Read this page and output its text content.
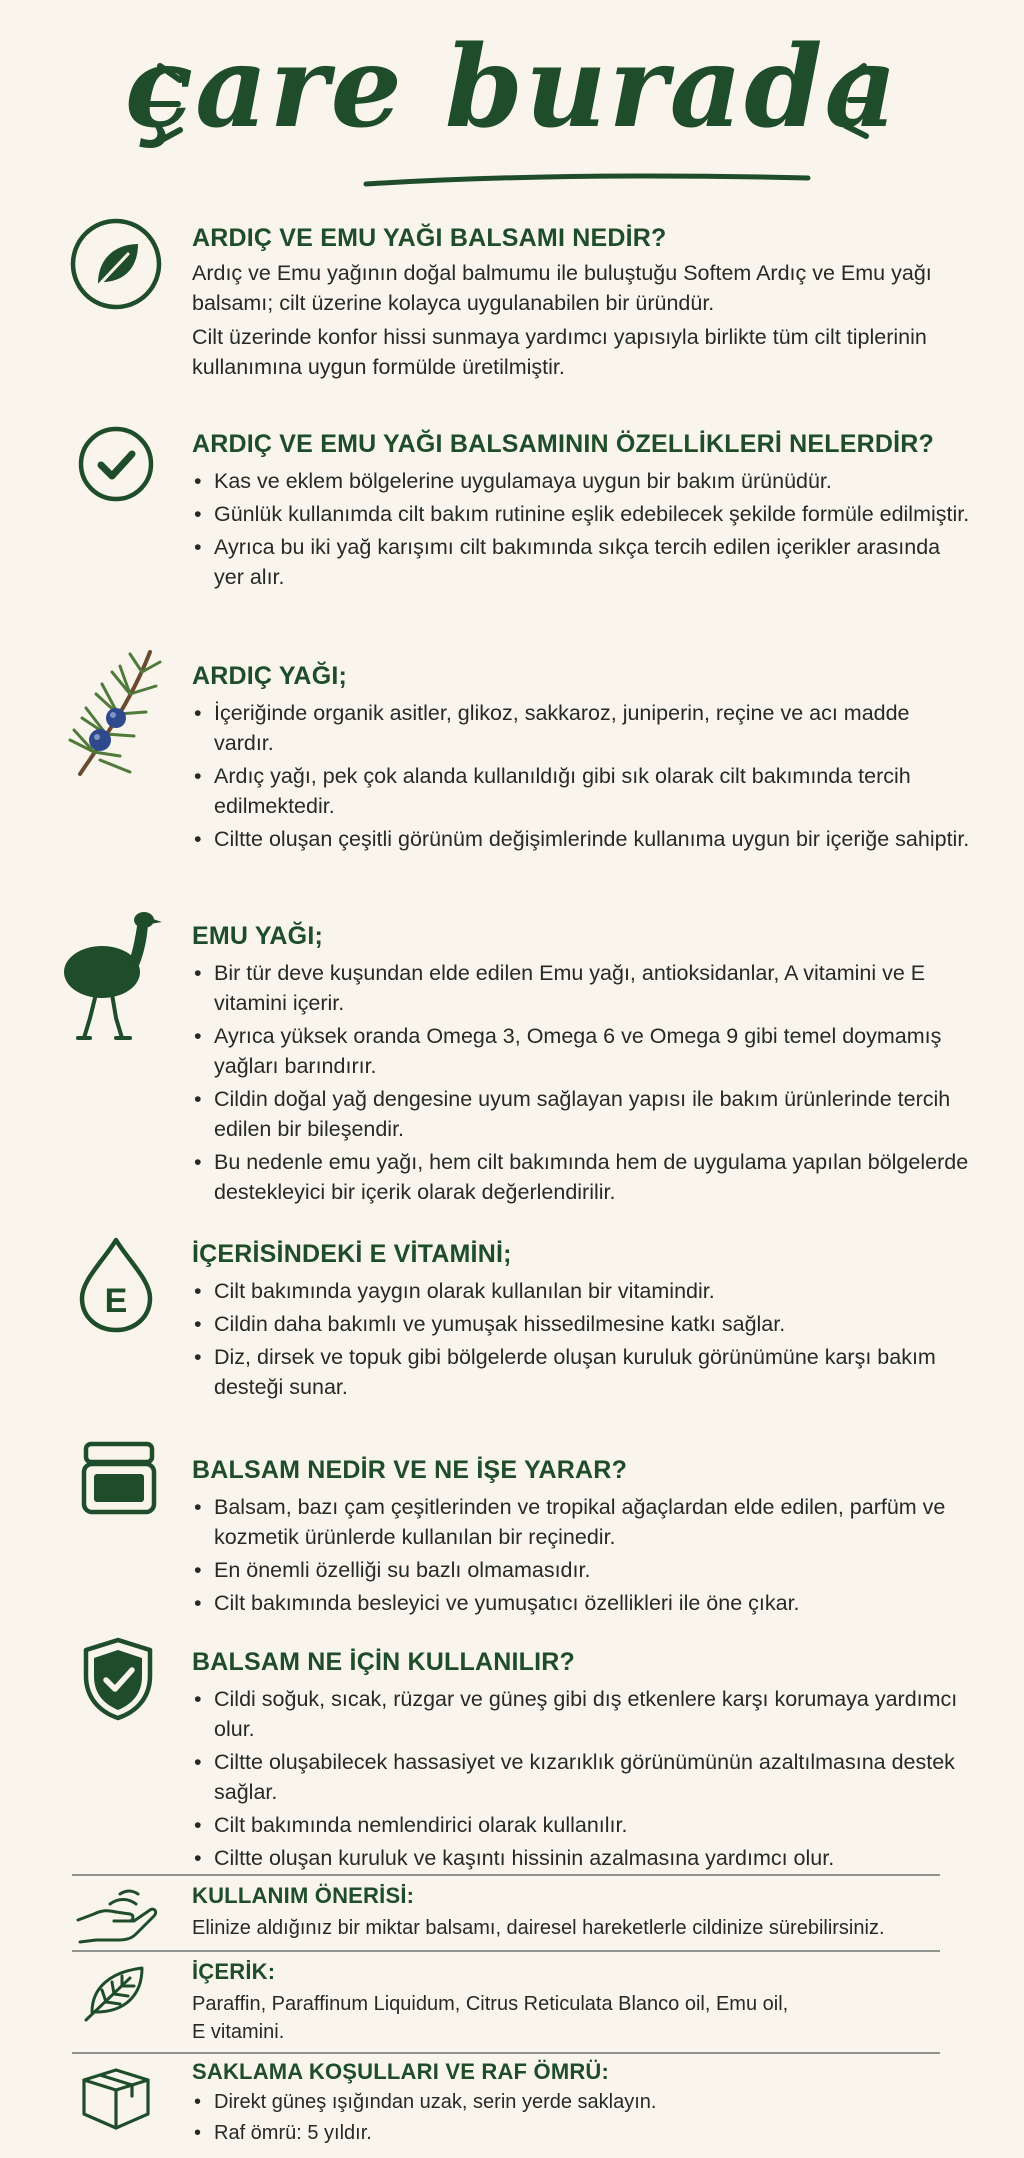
çare burada
ARDIÇ VE EMU YAĞI BALSAMI NEDİR?
Ardıç ve Emu yağının doğal balmumu ile buluştuğu Softem Ardıç ve Emu yağı balsamı; cilt üzerine kolayca uygulanabilen bir üründür.
Cilt üzerinde konfor hissi sunmaya yardımcı yapısıyla birlikte tüm cilt tiplerinin kullanımına uygun formülde üretilmiştir.
ARDIÇ VE EMU YAĞI BALSAMININ ÖZELLİKLERİ NELERDİR?
• Kas ve eklem bölgelerine uygulamaya uygun bir bakım ürünüdür.
• Günlük kullanımda cilt bakım rutinine eşlik edebilecek şekilde formüle edilmiştir.
• Ayrıca bu iki yağ karışımı cilt bakımında sıkça tercih edilen içerikler arasında yer alır.
ARDIÇ YAĞI;
• İçeriğinde organik asitler, glikoz, sakkaroz, juniperin, reçine ve acı madde vardır.
• Ardıç yağı, pek çok alanda kullanıldığı gibi sık olarak cilt bakımında tercih edilmektedir.
• Ciltte oluşan çeşitli görünüm değişimlerinde kullanıma uygun bir içeriğe sahiptir.
EMU YAĞI;
• Bir tür deve kuşundan elde edilen Emu yağı, antioksidanlar, A vitamini ve E vitamini içerir.
• Ayrıca yüksek oranda Omega 3, Omega 6 ve Omega 9 gibi temel doymamış yağları barındırır.
• Cildin doğal yağ dengesine uyum sağlayan yapısı ile bakım ürünlerinde tercih edilen bir bileşendir.
• Bu nedenle emu yağı, hem cilt bakımında hem de uygulama yapılan bölgelerde destekleyici bir içerik olarak değerlendirilir.
E
İÇERİSİNDEKİ E VİTAMİNİ;
• Cilt bakımında yaygın olarak kullanılan bir vitamindir.
• Cildin daha bakımlı ve yumuşak hissedilmesine katkı sağlar.
• Diz, dirsek ve topuk gibi bölgelerde oluşan kuruluk görünümüne karşı bakım desteği sunar.
BALSAM NEDİR VE NE İŞE YARAR?
• Balsam, bazı çam çeşitlerinden ve tropikal ağaçlardan elde edilen, parfüm ve kozmetik ürünlerde kullanılan bir reçinedir.
• En önemli özelliği su bazlı olmamasıdır.
• Cilt bakımında besleyici ve yumuşatıcı özellikleri ile öne çıkar.
BALSAM NE İÇİN KULLANILIR?
• Cildi soğuk, sıcak, rüzgar ve güneş gibi dış etkenlere karşı korumaya yardımcı olur.
• Ciltte oluşabilecek hassasiyet ve kızarıklık görünümünün azaltılmasına destek sağlar.
• Cilt bakımında nemlendirici olarak kullanılır.
• Ciltte oluşan kuruluk ve kaşıntı hissinin azalmasına yardımcı olur.
KULLANIM ÖNERİSİ:
Elinize aldığınız bir miktar balsamı, dairesel hareketlerle cildinize sürebilirsiniz.
İÇERİK:
Paraffin, Paraffinum Liquidum, Citrus Reticulata Blanco oil, Emu oil, E vitamini.
SAKLAMA KOŞULLARI VE RAF ÖMRÜ:
• Direkt güneş ışığından uzak, serin yerde saklayın.
• Raf ömrü: 5 yıldır.
